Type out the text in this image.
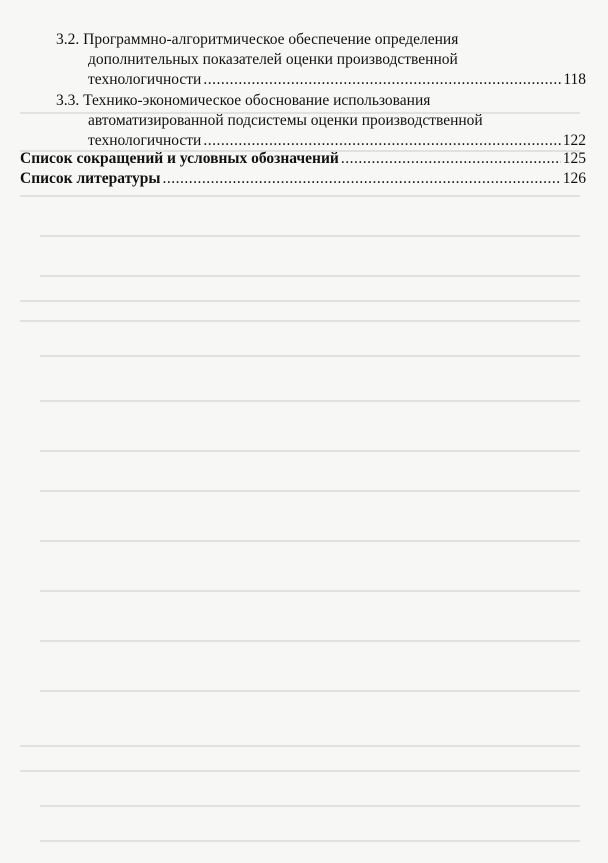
3.2. Программно-алгоритмическое обеспечение определения
дополнительных показателей оценки производственной
технологичности .....	118
3.3. Технико-экономическое обоснование использования
автоматизированной подсистемы оценки производственной
технологичности .....	122
Список сокращений и условных обозначений .....	125
Список литературы .....	126
